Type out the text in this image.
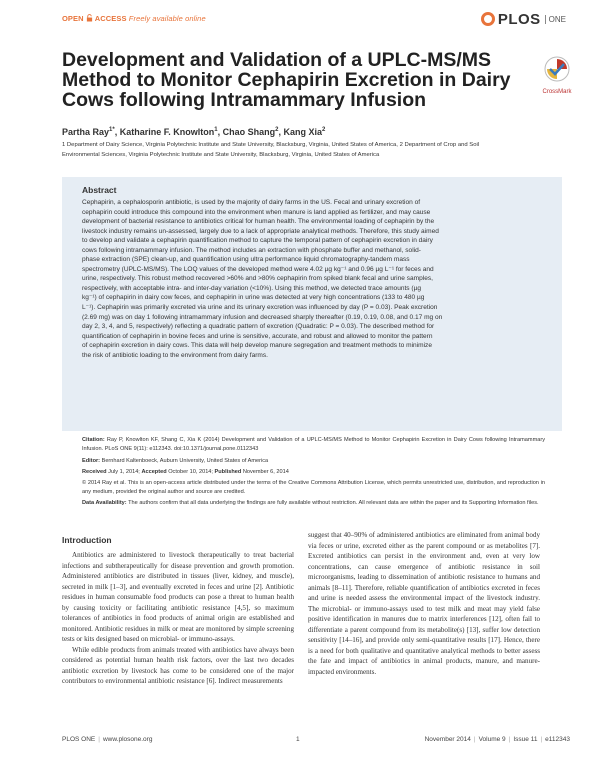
OPEN ACCESS Freely available online	PLOS	ONE
CrossMark
Development and Validation of a UPLC-MS/MS Method to Monitor Cephapirin Excretion in Dairy Cows following Intramammary Infusion
Partha Ray$^{1*}$, Katharine F. Knowlton$^1$, Chao Shang$^2$, Kang Xia$^2$
1 Department of Dairy Science, Virginia Polytechnic Institute and State University, Blacksburg, Virginia, United States of America, 2 Department of Crop and Soil
Environmental Sciences, Virginia Polytechnic Institute and State University, Blacksburg, Virginia, United States of America
Abstract
Cephapirin, a cephalosporin antibiotic, is used by the majority of dairy farms in the US. Fecal and urinary excretion of
cephapirin could introduce this compound into the environment when manure is land applied as fertilizer, and may cause
development of bacterial resistance to antibiotics critical for human health. The environmental loading of cephapirin by the
livestock industry remains un-assessed, largely due to a lack of appropriate analytical methods. Therefore, this study aimed
to develop and validate a cephapirin quantification method to capture the temporal pattern of cephapirin excretion in dairy
cows following intramammary infusion. The method includes an extraction with phosphate buffer and methanol, solid-
phase extraction (SPE) clean-up, and quantification using ultra performance liquid chromatography-tandem mass
spectrometry (UPLC-MS/MS). The LOQ values of the developed method were 4.02 µg kg⁻¹ and 0.96 µg L⁻¹ for feces and
urine, respectively. This robust method recovered >60% and >80% cephapirin from spiked blank fecal and urine samples,
respectively, with acceptable intra- and inter-day variation (<10%). Using this method, we detected trace amounts (µg
kg⁻¹) of cephapirin in dairy cow feces, and cephapirin in urine was detected at very high concentrations (133 to 480 µg
L⁻¹). Cephapirin was primarily excreted via urine and its urinary excretion was influenced by day (P = 0.03). Peak excretion
(2.69 mg) was on day 1 following intramammary infusion and decreased sharply thereafter (0.19, 0.19, 0.08, and 0.17 mg on
day 2, 3, 4, and 5, respectively) reflecting a quadratic pattern of excretion (Quadratic: P = 0.03). The described method for
quantification of cephapirin in bovine feces and urine is sensitive, accurate, and robust and allowed to monitor the pattern
of cephapirin excretion in dairy cows. This data will help develop manure segregation and treatment methods to minimize
the risk of antibiotic loading to the environment from dairy farms.

Citation: Ray P, Knowlton KF, Shang C, Xia K (2014) Development and Validation of a UPLC-MS/MS Method to Monitor Cephapirin Excretion in Dairy Cows following Intramammary Infusion. PLoS ONE 9(11): e112343. doi:10.1371/journal.pone.0112343

Editor: Bernhard Kaltenboeck, Auburn University, United States of America

Received July 1, 2014; Accepted October 10, 2014; Published November 6, 2014

© 2014 Ray et al. This is an open-access article distributed under the terms of the Creative Commons Attribution License, which permits unrestricted use, distribution, and reproduction in any medium, provided the original author and source are credited.

Data Availability: The authors confirm that all data underlying the findings are fully available without restriction. All relevant data are within the paper and its Supporting Information files.

Introduction

Antibiotics are administered to livestock therapeutically to treat bacterial infections and subtherapeutically for disease prevention and growth promotion. Administered antibiotics are distributed in tissues (liver, kidney, and muscle), secreted in milk [1–3], and eventually excreted in feces and urine [2]. Antibiotic residues in human consumable food products can pose a threat to human health by causing toxicity or facilitating antibiotic resistance [4,5], so maximum tolerances of antibiotics in food products of animal origin are established and monitored. Antibiotic residues in milk or meat are monitored by simple screening tests or kits designed based on microbial- or immuno-assays.

While edible products from animals treated with antibiotics have always been considered as potential human health risk factors, over the last two decades antibiotic excretion by livestock has come to be considered one of the major contributors to environmental antibiotic resistance [6]. Indirect measurements

suggest that 40–90% of administered antibiotics are eliminated from animal body via feces or urine, excreted either as the parent compound or as metabolites [7]. Excreted antibiotics can persist in the environment and, even at very low concentrations, can cause emergence of antibiotic resistance in soil microorganisms, leading to dissemination of antibiotic resistance to humans and animals [8–11]. Therefore, reliable quantification of antibiotics excreted in feces and urine is needed assess the environmental impact of the livestock industry. The microbial- or immuno-assays used to test milk and meat may yield false positive identification in manures due to matrix interferences [12], often fail to differentiate a parent compound from its metabolite(s) [13], suffer low detection sensitivity [14–16], and provide only semi-quantitative results [17]. Hence, there is a need for both qualitative and quantitative analytical methods to better assess the fate and impact of antibiotics in animal products, manure, and manure-impacted environments.

PLOS ONE | www.plosone.org	1	November 2014 | Volume 9 | Issue 11 | e112343
